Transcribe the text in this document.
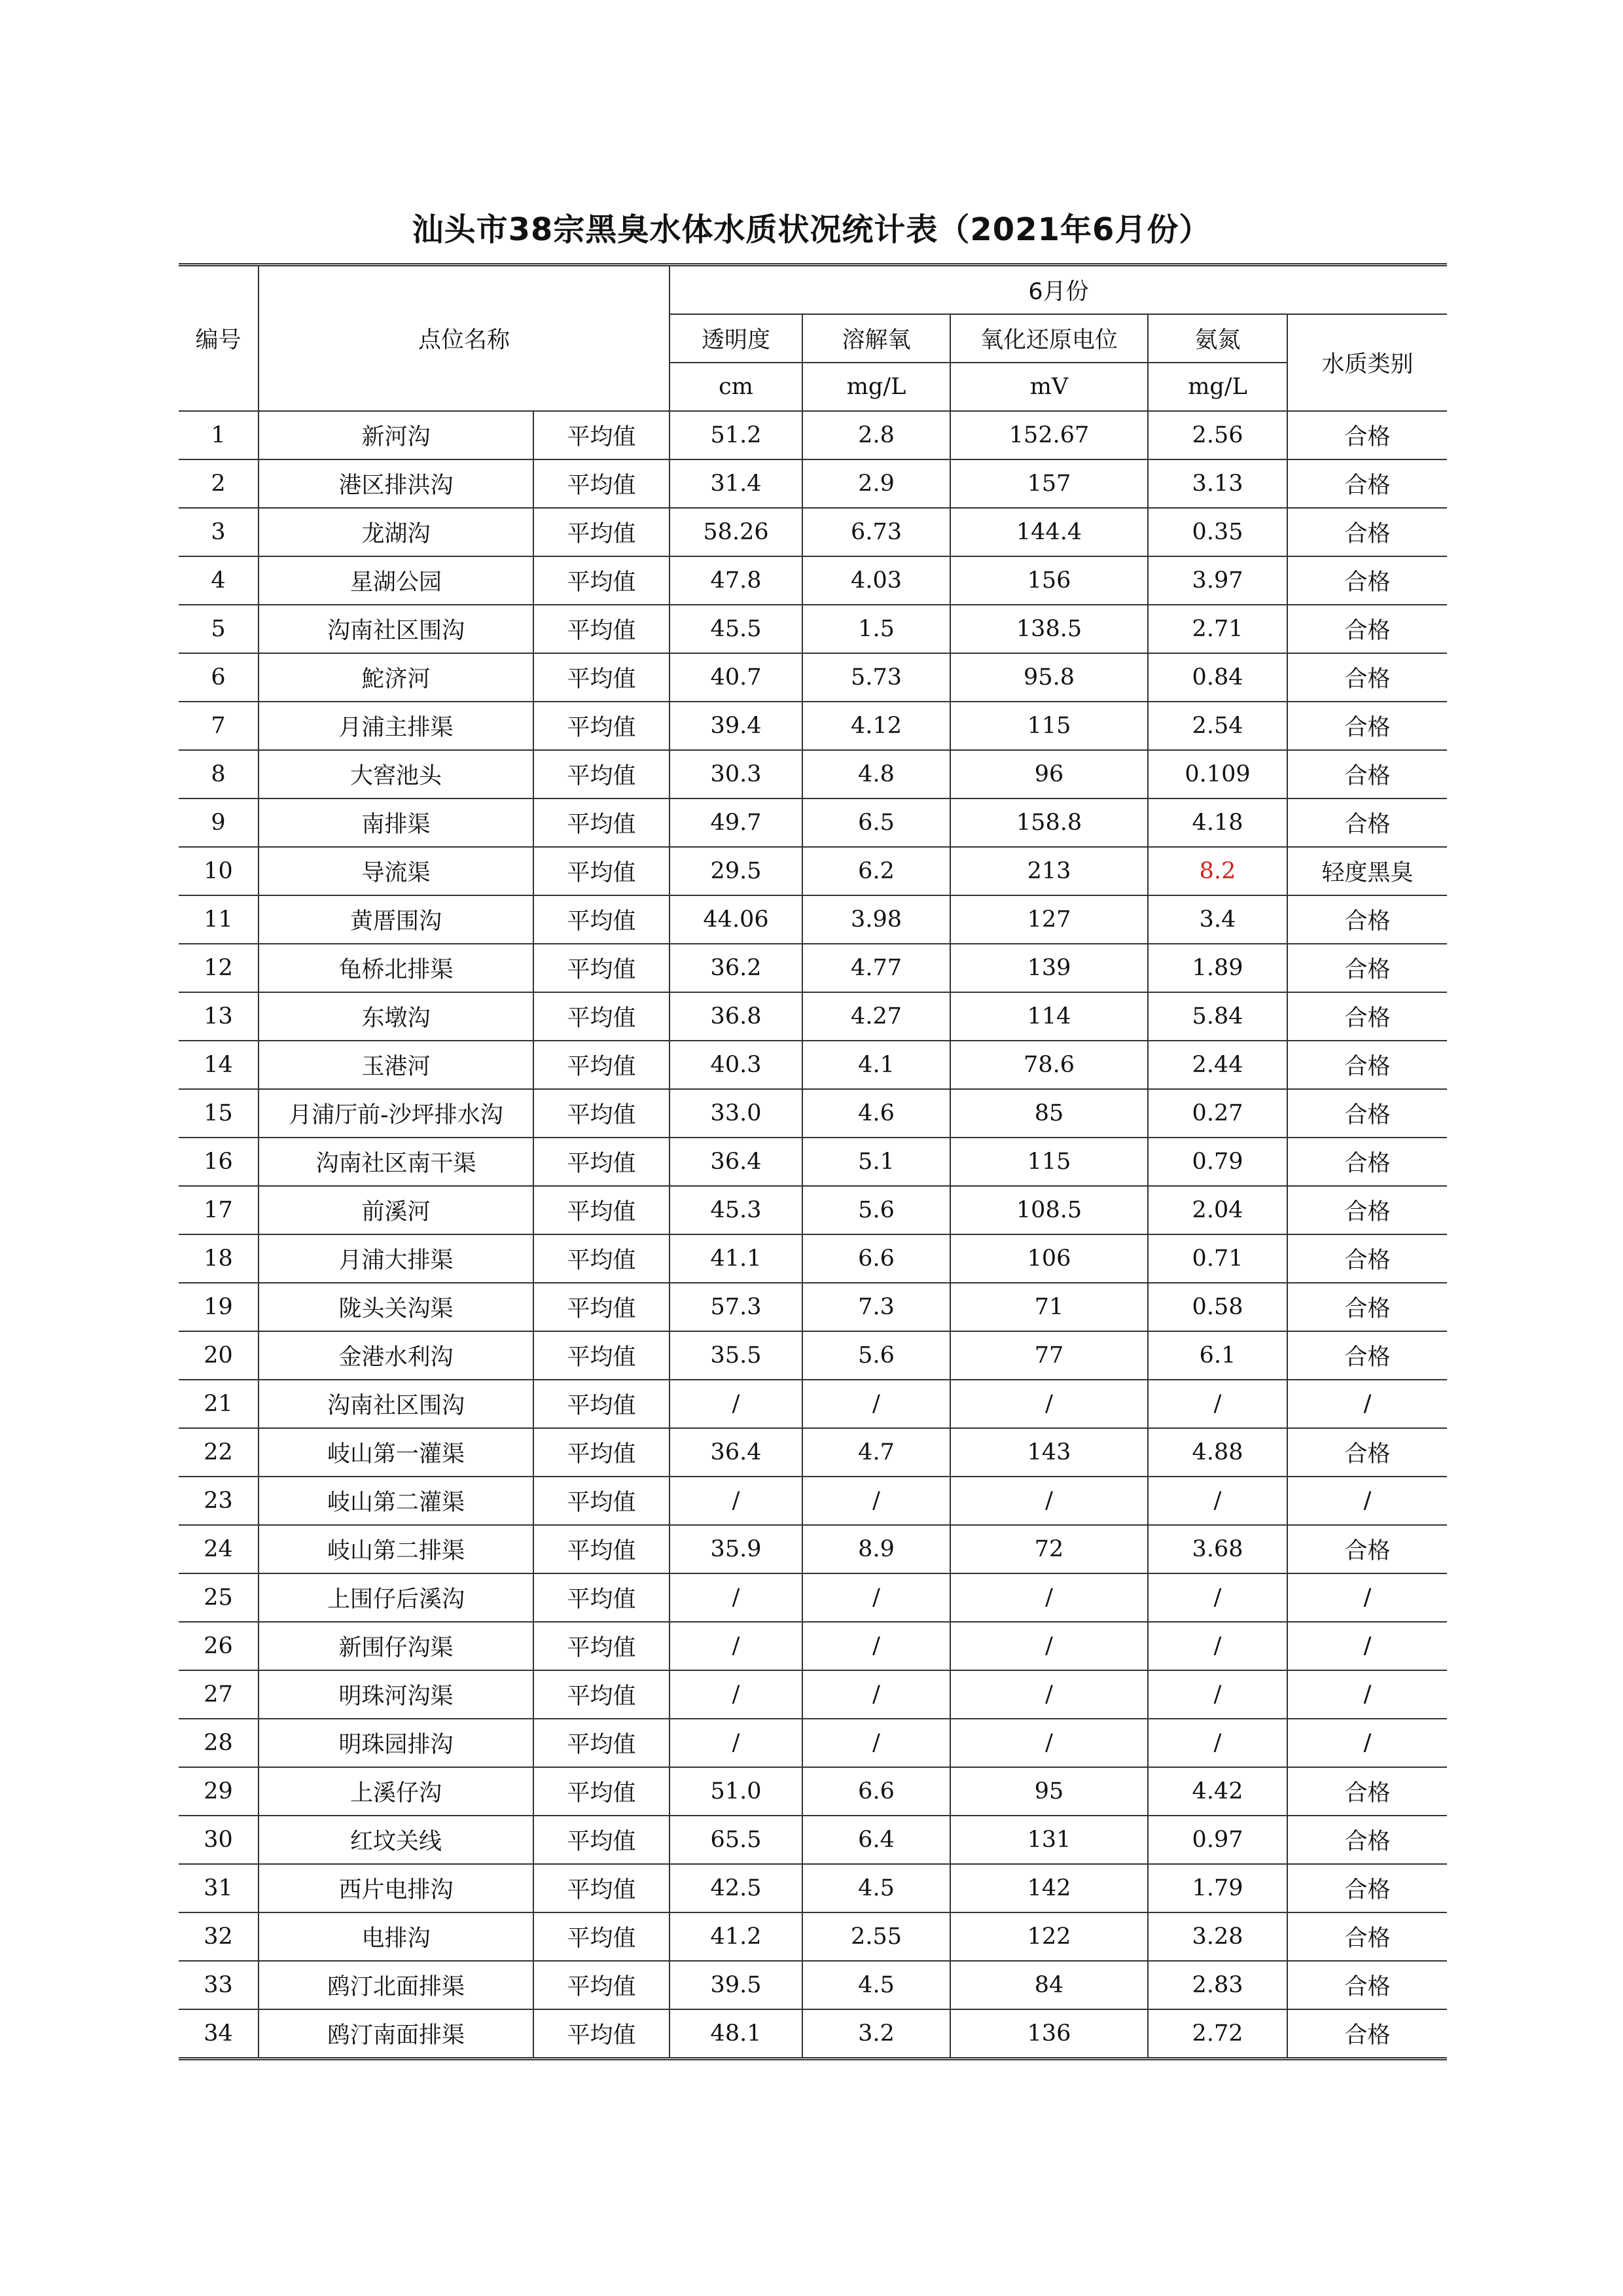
汕头市38宗黑臭水体水质状况统计表（2021年6月份）
编号	点位名称		6月份				
			透明度	溶解氧	氧化还原电位	氨氮	水质类别
			cm	mg/L	mV	mg/L	
1	新河沟	平均值	51.2	2.8	152.67	2.56	合格
2	港区排洪沟	平均值	31.4	2.9	157	3.13	合格
3	龙湖沟	平均值	58.26	6.73	144.4	0.35	合格
4	星湖公园	平均值	47.8	4.03	156	3.97	合格
5	沟南社区围沟	平均值	45.5	1.5	138.5	2.71	合格
6	鮀济河	平均值	40.7	5.73	95.8	0.84	合格
7	月浦主排渠	平均值	39.4	4.12	115	2.54	合格
8	大窖池头	平均值	30.3	4.8	96	0.109	合格
9	南排渠	平均值	49.7	6.5	158.8	4.18	合格
10	导流渠	平均值	29.5	6.2	213	8.2	轻度黑臭
11	黄厝围沟	平均值	44.06	3.98	127	3.4	合格
12	龟桥北排渠	平均值	36.2	4.77	139	1.89	合格
13	东墩沟	平均值	36.8	4.27	114	5.84	合格
14	玉港河	平均值	40.3	4.1	78.6	2.44	合格
15	月浦厅前-沙坪排水沟	平均值	33.0	4.6	85	0.27	合格
16	沟南社区南干渠	平均值	36.4	5.1	115	0.79	合格
17	前溪河	平均值	45.3	5.6	108.5	2.04	合格
18	月浦大排渠	平均值	41.1	6.6	106	0.71	合格
19	陇头关沟渠	平均值	57.3	7.3	71	0.58	合格
20	金港水利沟	平均值	35.5	5.6	77	6.1	合格
21	沟南社区围沟	平均值	/	/	/	/	/
22	岐山第一灌渠	平均值	36.4	4.7	143	4.88	合格
23	岐山第二灌渠	平均值	/	/	/	/	/
24	岐山第二排渠	平均值	35.9	8.9	72	3.68	合格
25	上围仔后溪沟	平均值	/	/	/	/	/
26	新围仔沟渠	平均值	/	/	/	/	/
27	明珠河沟渠	平均值	/	/	/	/	/
28	明珠园排沟	平均值	/	/	/	/	/
29	上溪仔沟	平均值	51.0	6.6	95	4.42	合格
30	红坟关线	平均值	65.5	6.4	131	0.97	合格
31	西片电排沟	平均值	42.5	4.5	142	1.79	合格
32	电排沟	平均值	41.2	2.55	122	3.28	合格
33	鸥汀北面排渠	平均值	39.5	4.5	84	2.83	合格
34	鸥汀南面排渠	平均值	48.1	3.2	136	2.72	合格
